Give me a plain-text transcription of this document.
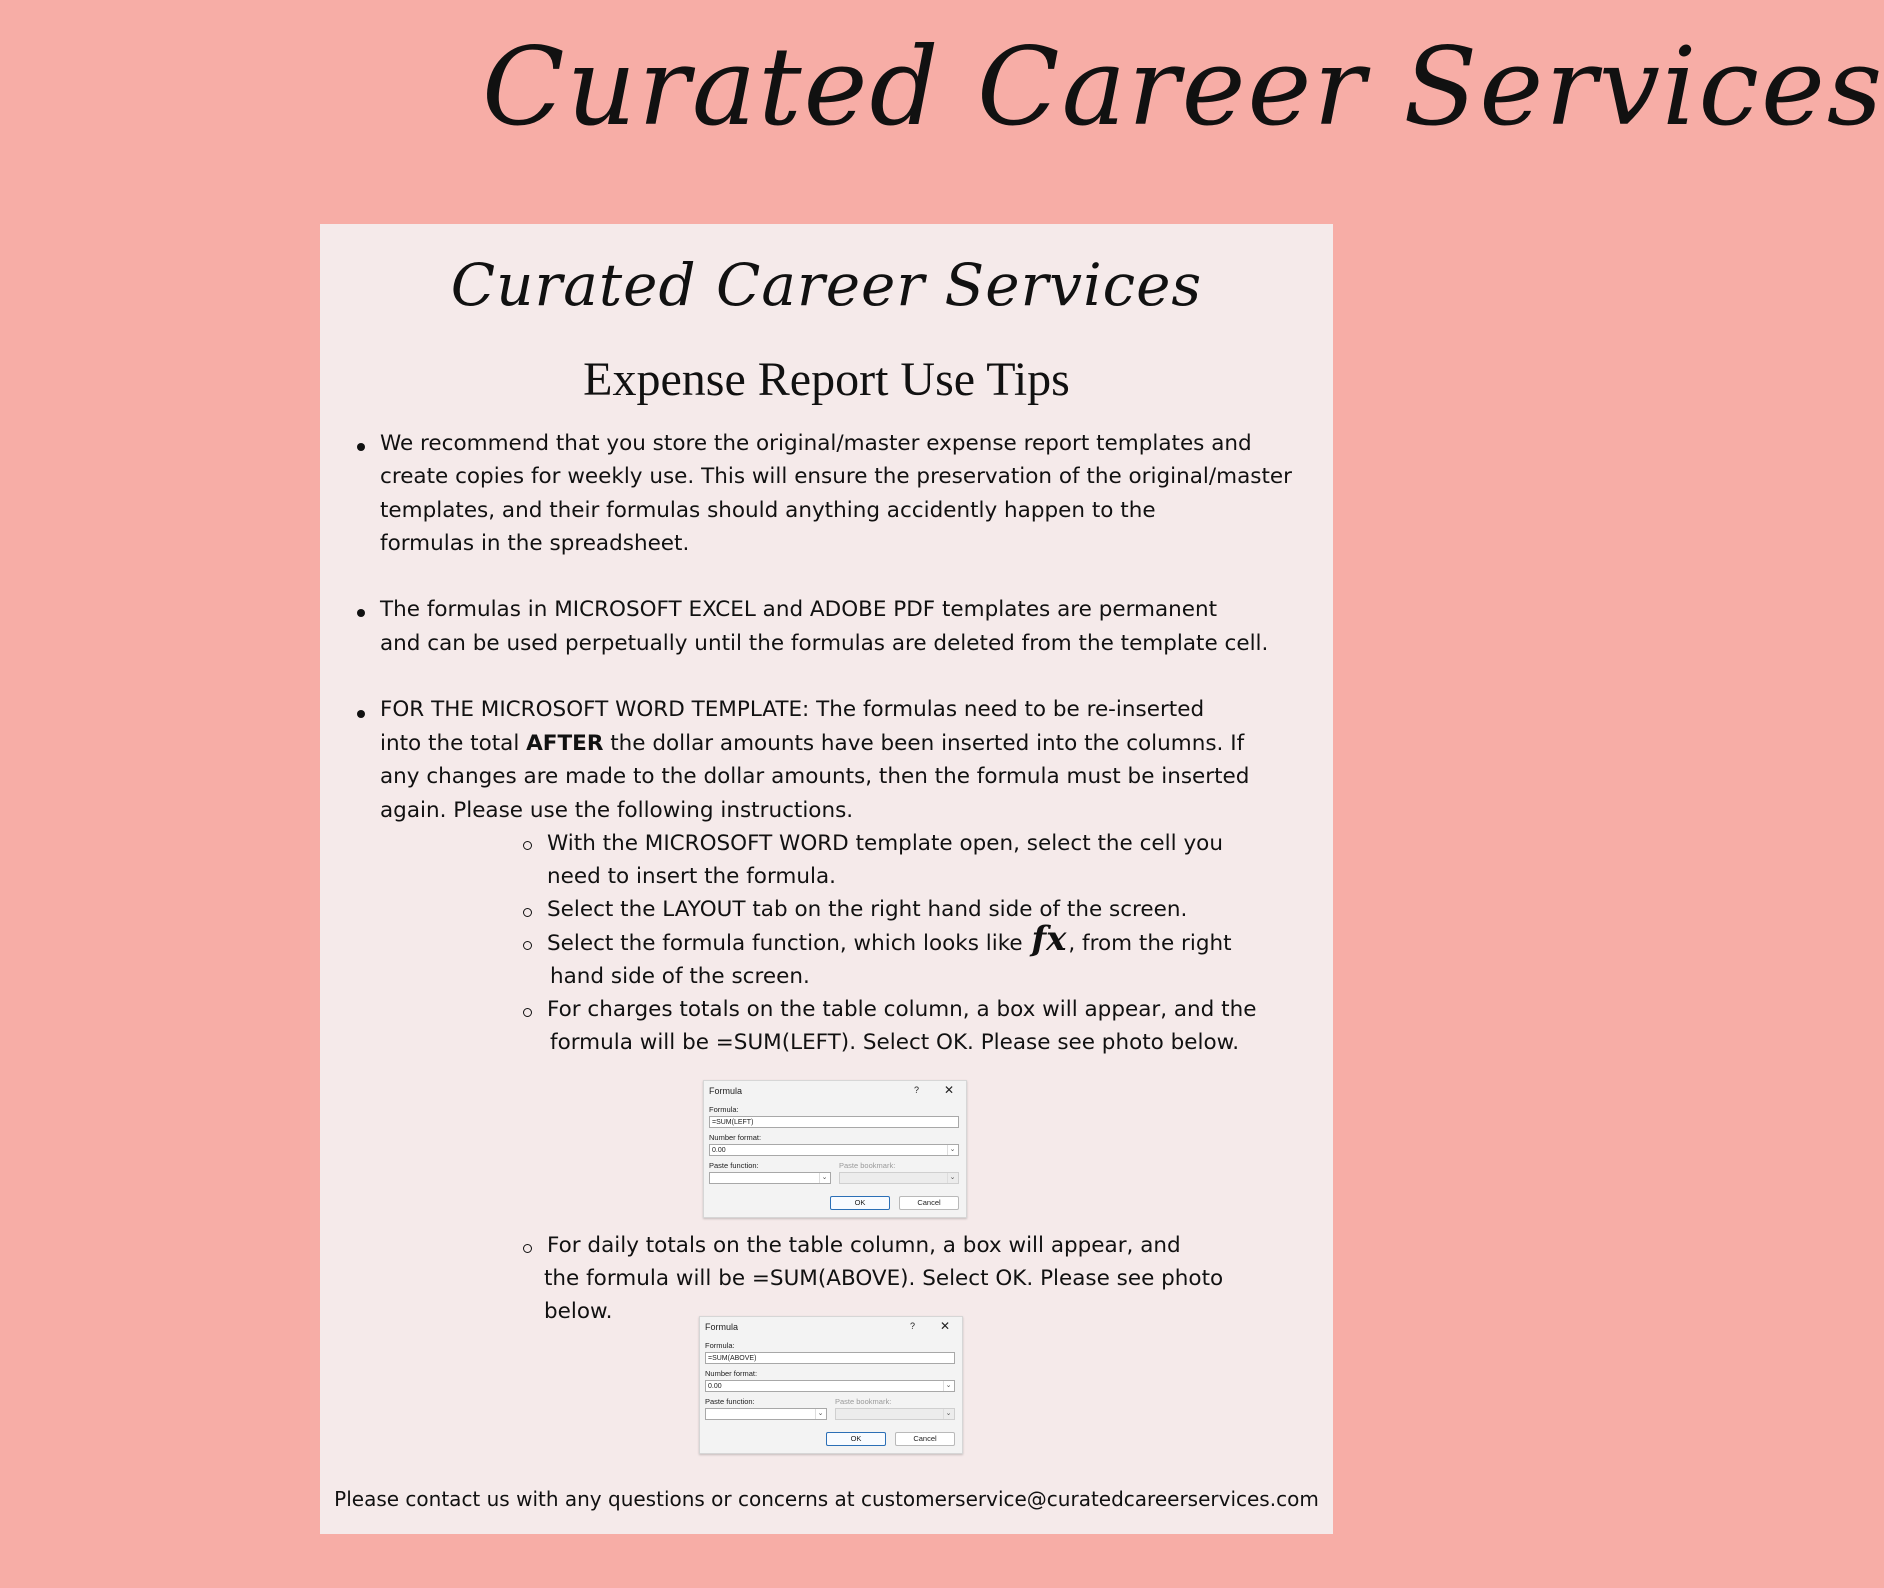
Curated Career Services
Curated Career Services
Expense Report Use Tips
We recommend that you store the original/master expense report templates and
create copies for weekly use. This will ensure the preservation of the original/master
templates, and their formulas should anything accidently happen to the
formulas in the spreadsheet.
The formulas in MICROSOFT EXCEL and ADOBE PDF templates are permanent
and can be used perpetually until the formulas are deleted from the template cell.
FOR THE MICROSOFT WORD TEMPLATE: The formulas need to be re-inserted
into the total AFTER the dollar amounts have been inserted into the columns. If
any changes are made to the dollar amounts, then the formula must be inserted
again. Please use the following instructions.
With the MICROSOFT WORD template open, select the cell you
need to insert the formula.
Select the LAYOUT tab on the right hand side of the screen.
Select the formula function, which looks like fx, from the right
hand side of the screen.
For charges totals on the table column, a box will appear, and the
formula will be =SUM(LEFT). Select OK. Please see photo below.
Formula	? ✕
Formula:
=SUM(LEFT)
Number format:
0.00	⌄
Paste function:	Paste bookmark:
⌄	⌄
OK	Cancel
For daily totals on the table column, a box will appear, and
the formula will be =SUM(ABOVE). Select OK. Please see photo
below.
Formula	? ✕
Formula:
=SUM(ABOVE)
Number format:
0.00	⌄
Paste function:	Paste bookmark:
⌄	⌄
OK	Cancel
Please contact us with any questions or concerns at customerservice@curatedcareerservices.com
